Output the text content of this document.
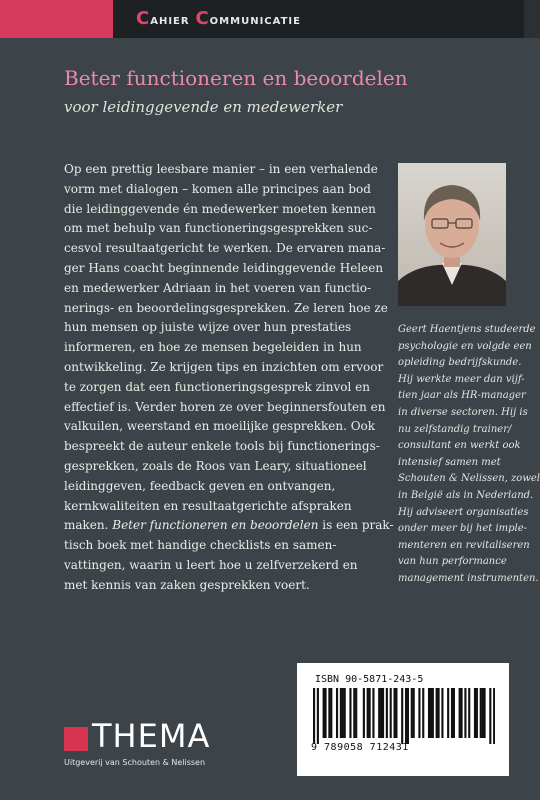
Cahier Communicatie
Beter functioneren en beoordelen
voor leidinggevende en medewerker
Op een prettig leesbare manier – in een verhalende
vorm met dialogen – komen alle principes aan bod
die leidinggevende én medewerker moeten kennen
om met behulp van functioneringsgesprekken suc-
cesvol resultaatgericht te werken. De ervaren mana-
ger Hans coacht beginnende leidinggevende Heleen
en medewerker Adriaan in het voeren van functio-
nerings- en beoordelingsgesprekken. Ze leren hoe ze
hun mensen op juiste wijze over hun prestaties
informeren, en hoe ze mensen begeleiden in hun
ontwikkeling. Ze krijgen tips en inzichten om ervoor
te zorgen dat een functioneringsgesprek zinvol en
effectief is. Verder horen ze over beginnersfouten en
valkuilen, weerstand en moeilijke gesprekken. Ook
bespreekt de auteur enkele tools bij functionerings-
gesprekken, zoals de Roos van Leary, situationeel
leidinggeven, feedback geven en ontvangen,
kernkwaliteiten en resultaatgerichte afspraken
maken. Beter functioneren en beoordelen is een prak-
tisch boek met handige checklists en samen-
vattingen, waarin u leert hoe u zelfverzekerd en
met kennis van zaken gesprekken voert.
Geert Haentjens studeerde
psychologie en volgde een
opleiding bedrijfskunde.
Hij werkte meer dan vijf-
tien jaar als HR-manager
in diverse sectoren. Hij is
nu zelfstandig trainer/
consultant en werkt ook
intensief samen met
Schouten & Nelissen, zowel
in België als in Nederland.
Hij adviseert organisaties
onder meer bij het imple-
menteren en revitaliseren
van hun performance
management instrumenten.
ISBN 90-5871-243-5
9 789058 712431
THEMA
Uitgeverij van Schouten & Nelissen
